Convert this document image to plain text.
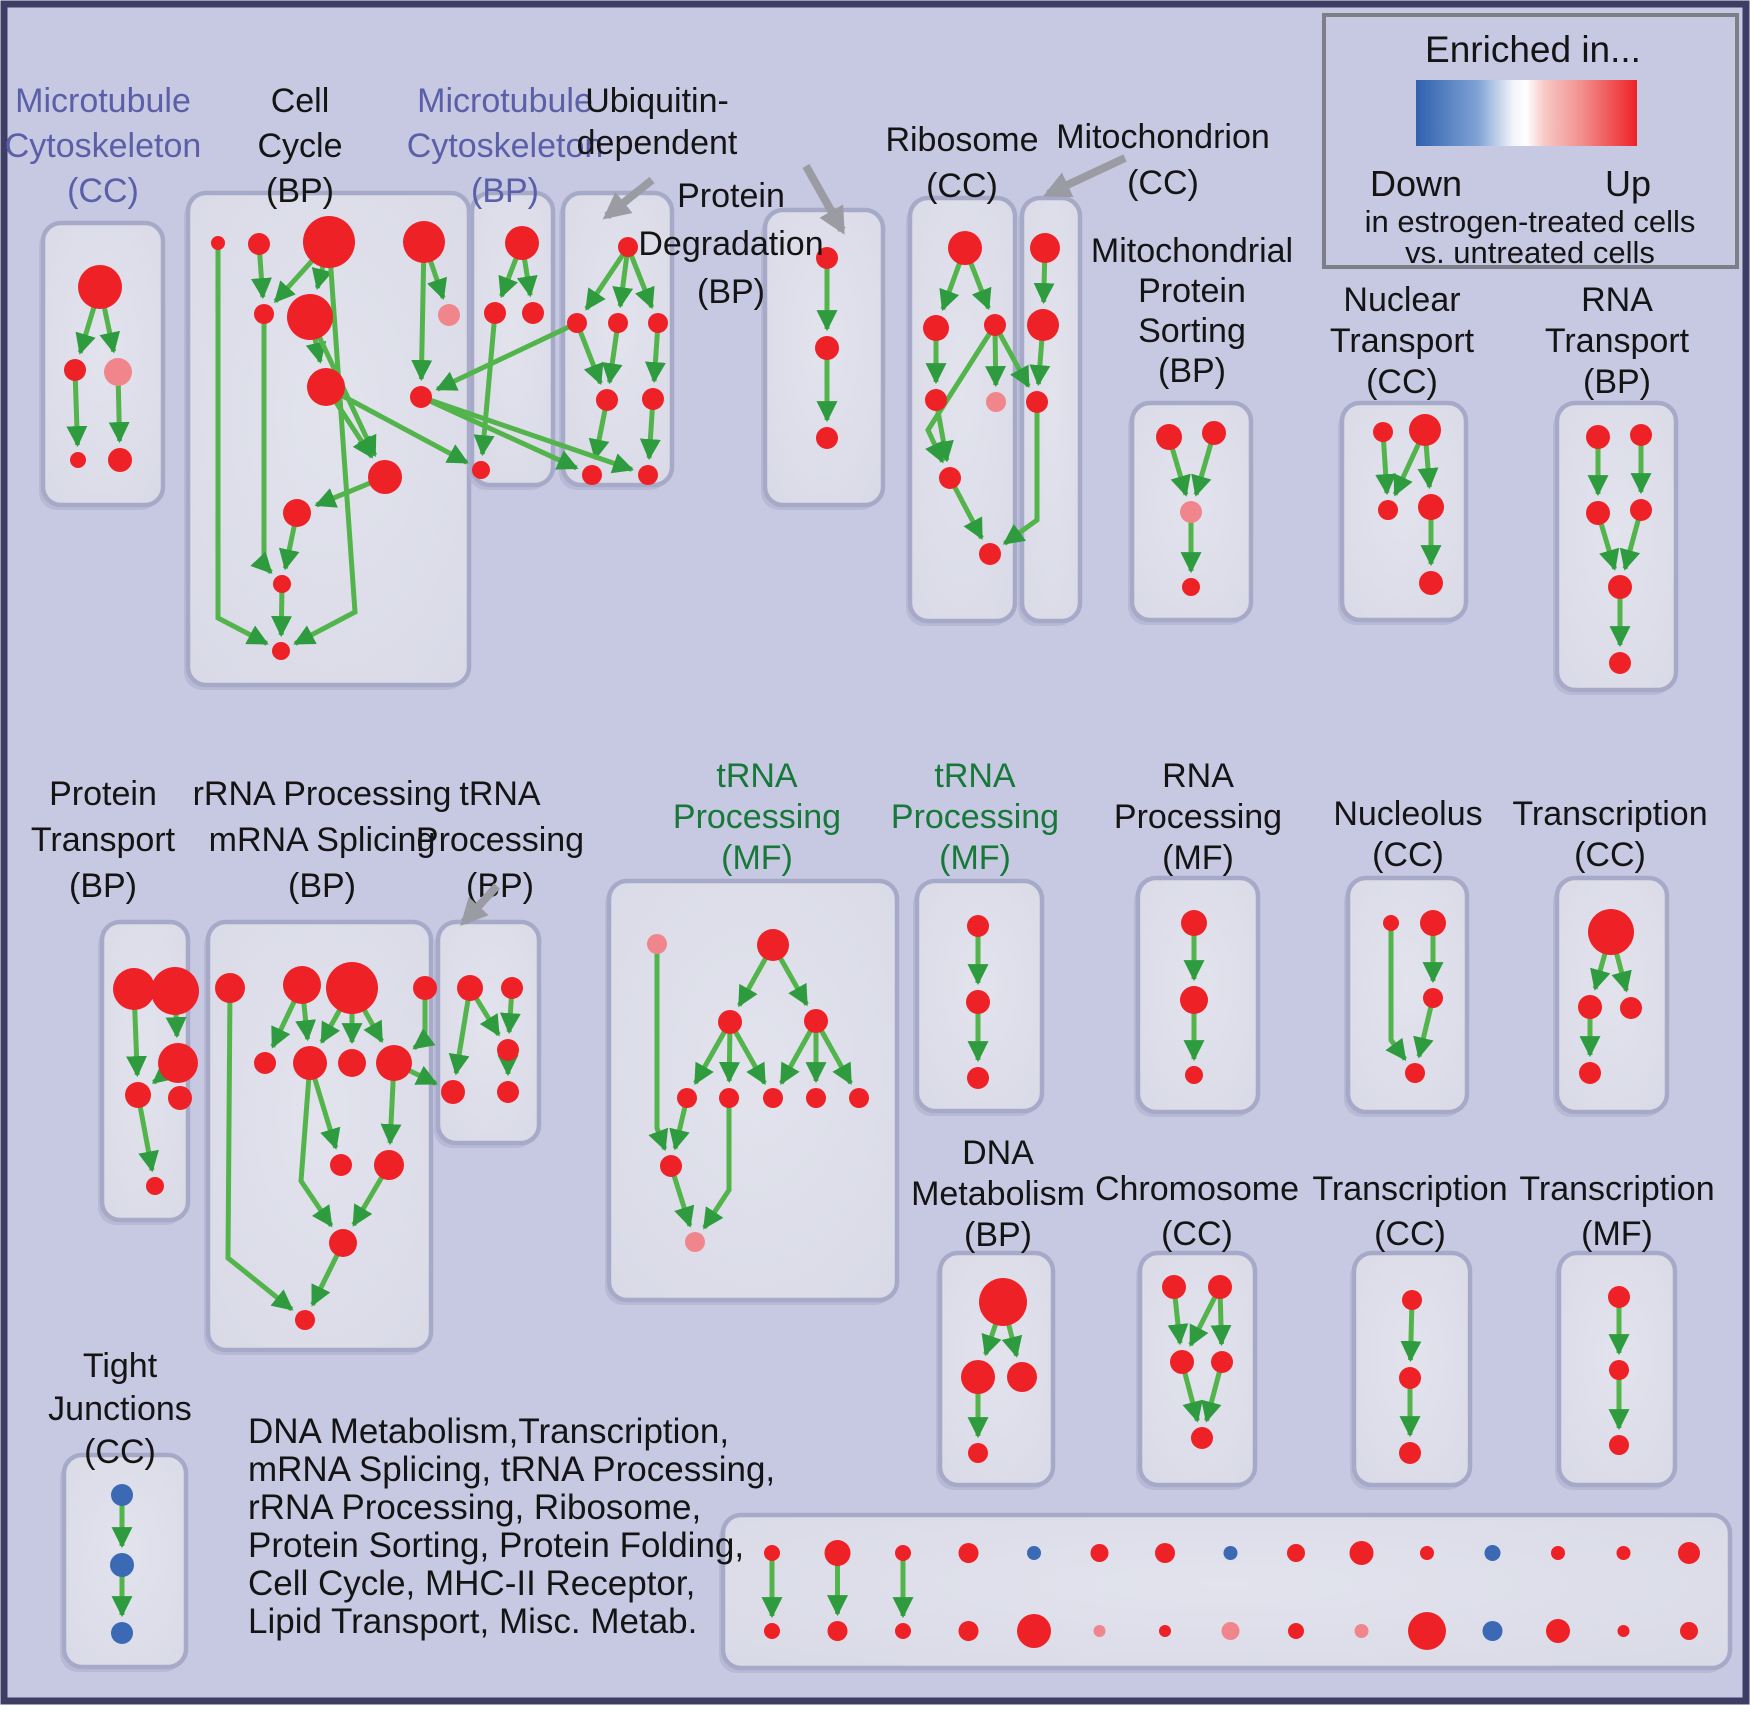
Microtubule Cytoskeleton (CC)
Cell Cycle (BP)
Microtubule Cytoskeleton (BP)
Ubiquitin-dependent
Protein Degradation (BP)
Ribosome (CC)
Mitochondrion (CC)
Mitochondrial Protein Sorting (BP)
Nuclear Transport (CC)
RNA Transport (BP)
Protein Transport (BP)
rRNA Processing mRNA Splicing (BP)
tRNA Processing (BP)
tRNA Processing (MF)
tRNA Processing (MF)
RNA Processing (MF)
Nucleolus (CC)
Transcription (CC)
DNA Metabolism (BP)
Chromosome (CC)
Transcription (CC)
Transcription (MF)
Tight Junctions (CC)
Enriched in...
Down	Up
in estrogen-treated cells
vs. untreated cells
DNA Metabolism,Transcription, mRNA Splicing, tRNA Processing, rRNA Processing, Ribosome, Protein Sorting, Protein Folding, Cell Cycle, MHC-II Receptor, Lipid Transport, Misc. Metab.
